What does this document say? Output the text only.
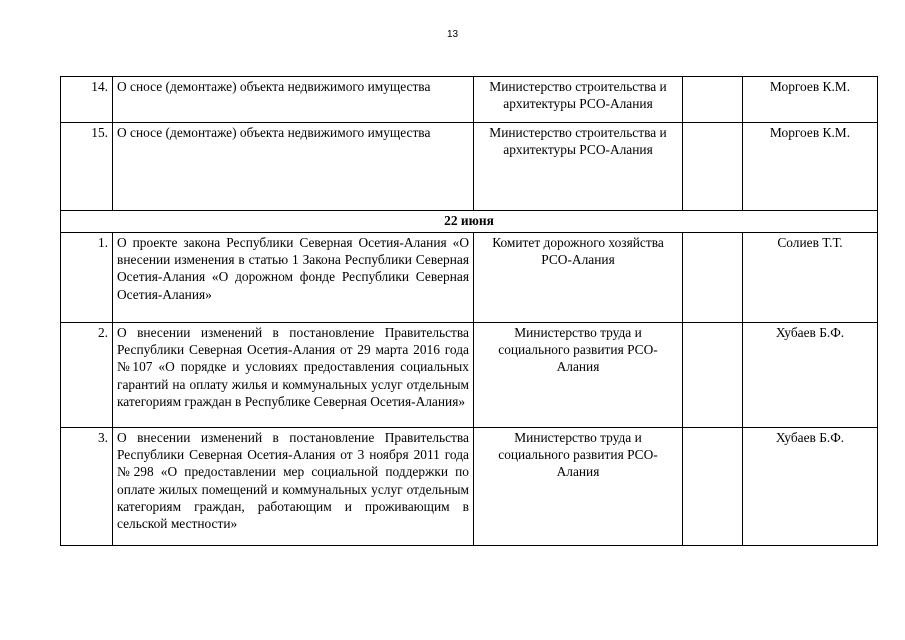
13
14.	О сносе (демонтаже) объекта недвижимого имущества	Министерство строительства и архитектуры РСО-Алания		Моргоев К.М.
15.	О сносе (демонтаже) объекта недвижимого имущества	Министерство строительства и архитектуры РСО-Алания		Моргоев К.М.
22 июня				
1.	О проекте закона Республики Северная Осетия-Алания «О внесении изменения в статью 1 Закона Республики Северная Осетия-Алания «О дорожном фонде Республики Северная Осетия-Алания»	Комитет дорожного хозяйства РСО-Алания		Солиев Т.Т.
2.	О внесении изменений в постановление Правительства Республики Северная Осетия-Алания от 29 марта 2016 года №107 «О порядке и условиях предоставления социальных гарантий на оплату жилья и коммунальных услуг отдельным категориям граждан в Республике Северная Осетия-Алания»	Министерство труда и социального развития РСО-Алания		Хубаев Б.Ф.
3.	О внесении изменений в постановление Правительства Республики Северная Осетия-Алания от 3 ноября 2011 года №298 «О предоставлении мер социальной поддержки по оплате жилых помещений и коммунальных услуг отдельным категориям граждан, работающим и проживающим в сельской местности»	Министерство труда и социального развития РСО-Алания		Хубаев Б.Ф.
